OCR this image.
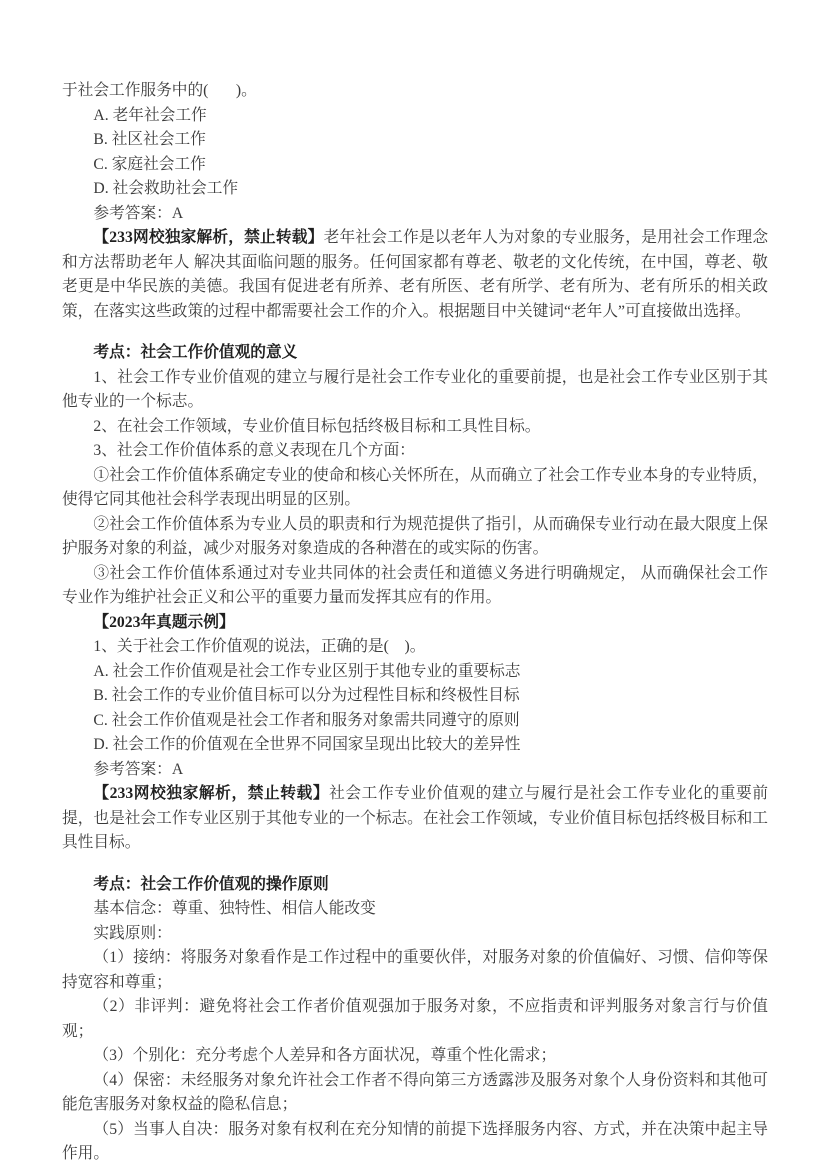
于社会工作服务中的(       )。

A. 老年社会工作

B. 社区社会工作

C. 家庭社会工作

D. 社会救助社会工作

参考答案：A

【233网校独家解析，禁止转载】老年社会工作是以老年人为对象的专业服务，是用社会工作理念和方法帮助老年人 解决其面临问题的服务。任何国家都有尊老、敬老的文化传统，在中国，尊老、敬老更是中华民族的美德。我国有促进老有所养、老有所医、老有所学、老有所为、老有所乐的相关政策，在落实这些政策的过程中都需要社会工作的介入。根据题目中关键词“老年人”可直接做出选择。

考点：社会工作价值观的意义

1、社会工作专业价值观的建立与履行是社会工作专业化的重要前提，也是社会工作专业区别于其他专业的一个标志。

2、在社会工作领域，专业价值目标包括终极目标和工具性目标。

3、社会工作价值体系的意义表现在几个方面：

①社会工作价值体系确定专业的使命和核心关怀所在，从而确立了社会工作专业本身的专业特质，使得它同其他社会科学表现出明显的区别。

②社会工作价值体系为专业人员的职责和行为规范提供了指引，从而确保专业行动在最大限度上保护服务对象的利益，减少对服务对象造成的各种潜在的或实际的伤害。

③社会工作价值体系通过对专业共同体的社会责任和道德义务进行明确规定， 从而确保社会工作专业作为维护社会正义和公平的重要力量而发挥其应有的作用。

【2023年真题示例】

1、关于社会工作价值观的说法，正确的是(    )。

A. 社会工作价值观是社会工作专业区别于其他专业的重要标志

B. 社会工作的专业价值目标可以分为过程性目标和终极性目标

C. 社会工作价值观是社会工作者和服务对象需共同遵守的原则

D. 社会工作的价值观在全世界不同国家呈现出比较大的差异性

参考答案：A

【233网校独家解析，禁止转载】社会工作专业价值观的建立与履行是社会工作专业化的重要前提，也是社会工作专业区别于其他专业的一个标志。在社会工作领域，专业价值目标包括终极目标和工具性目标。

考点：社会工作价值观的操作原则

基本信念：尊重、独特性、相信人能改变

实践原则：

（1）接纳：将服务对象看作是工作过程中的重要伙伴，对服务对象的价值偏好、习惯、信仰等保持宽容和尊重；

（2）非评判：避免将社会工作者价值观强加于服务对象，不应指责和评判服务对象言行与价值观；

（3）个别化：充分考虑个人差异和各方面状况，尊重个性化需求；

（4）保密：未经服务对象允许社会工作者不得向第三方透露涉及服务对象个人身份资料和其他可能危害服务对象权益的隐私信息；

（5）当事人自决：服务对象有权利在充分知情的前提下选择服务内容、方式，并在决策中起主导作用。
